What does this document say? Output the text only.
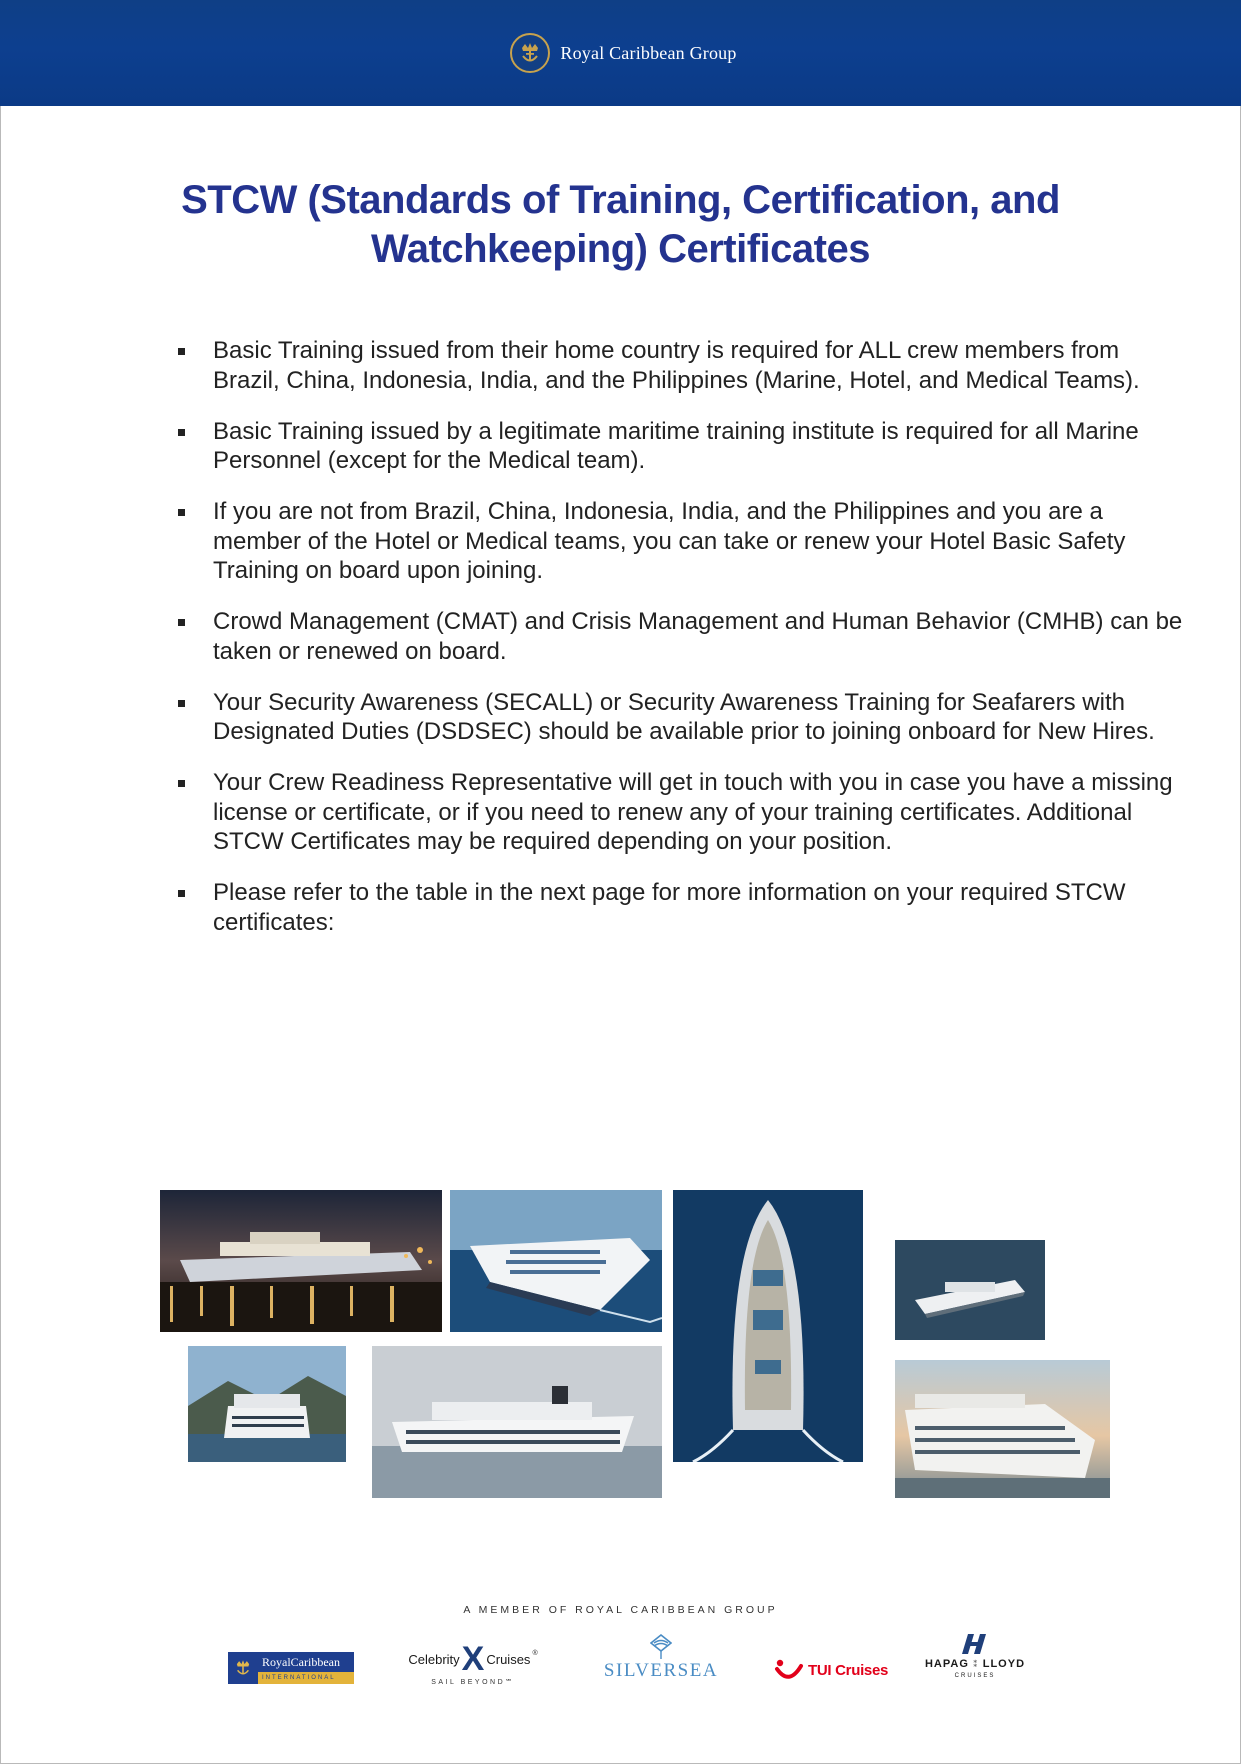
Royal Caribbean Group
STCW (Standards of Training, Certification, and
Watchkeeping) Certificates
Basic Training issued from their home country is required for ALL crew members from Brazil, China, Indonesia, India, and the Philippines (Marine, Hotel, and Medical Teams).
Basic Training issued by a legitimate maritime training institute is required for all Marine Personnel (except for the Medical team).
If you are not from Brazil, China, Indonesia, India, and the Philippines and you are a member of the Hotel or Medical teams, you can take or renew your Hotel Basic Safety Training on board upon joining.
Crowd Management (CMAT) and Crisis Management and Human Behavior (CMHB) can be taken or renewed on board.
Your Security Awareness (SECALL) or Security Awareness Training for Seafarers with Designated Duties (DSDSEC) should be available prior to joining onboard for New Hires.
Your Crew Readiness Representative will get in touch with you in case you have a missing license or certificate, or if you need to renew any of your training certificates. Additional STCW Certificates may be required depending on your position.
Please refer to the table in the next page for more information on your required STCW certificates:
A MEMBER OF ROYAL CARIBBEAN GROUP
RoyalCaribbean
INTERNATIONAL
Celebrity X Cruises ®
SAIL BEYOND℠
SILVERSEA	TUI Cruises	HAPAG ⁑ LLOYD
CRUISES
